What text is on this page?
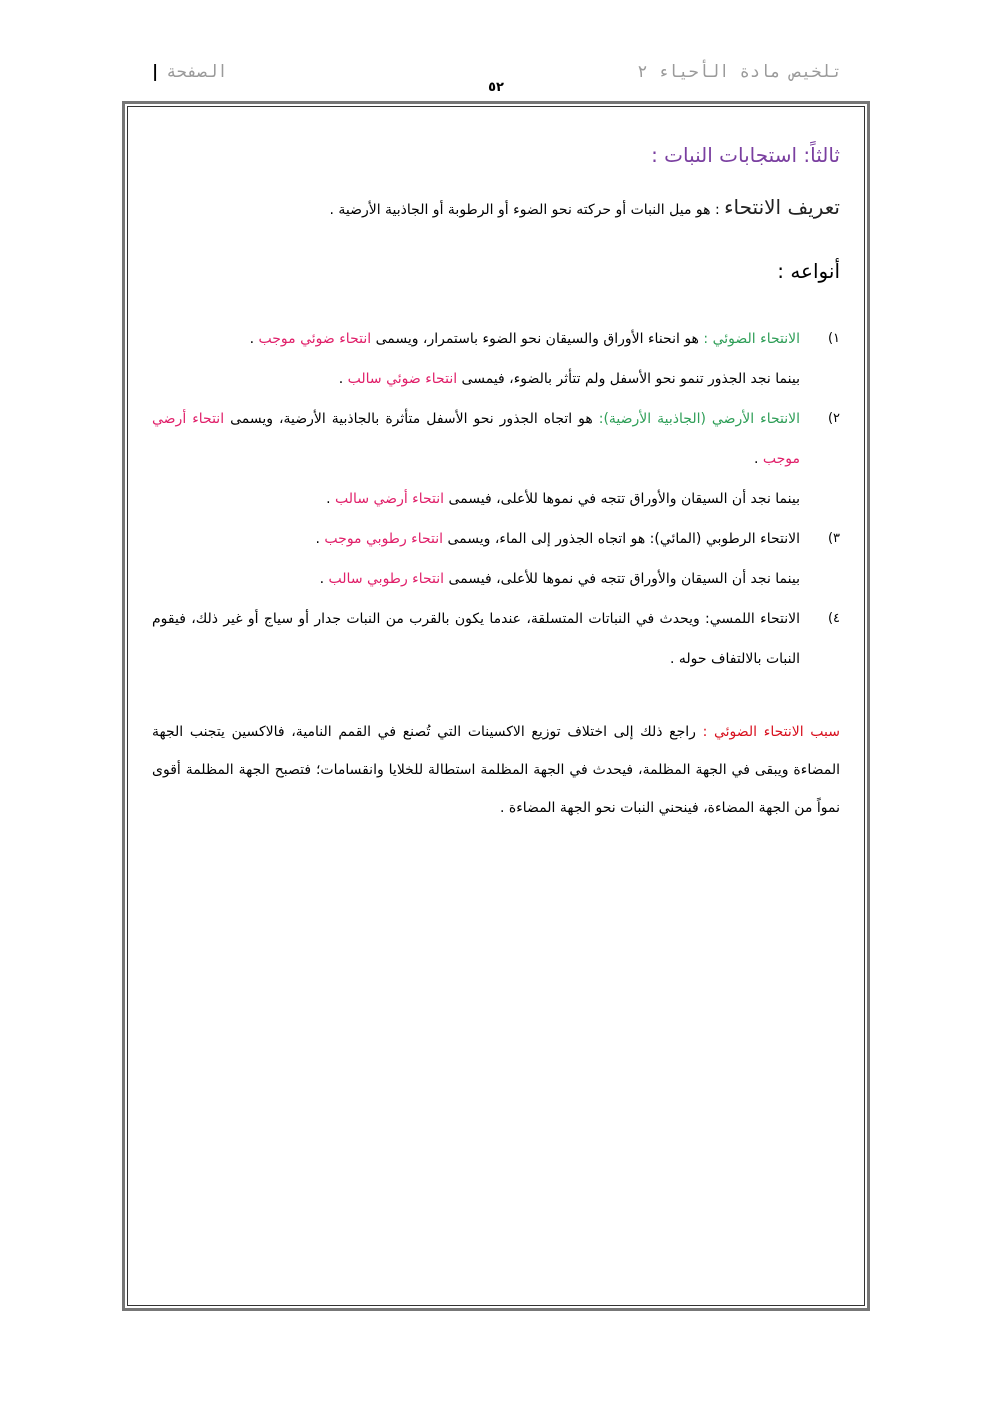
| الصفحة	تلخيص مادة الأحياء ٢
٥٢
ثالثاً: استجابات النبات :
تعريف الانتحاء : هو ميل النبات أو حركته نحو الضوء أو الرطوبة أو الجاذبية الأرضية .
أنواعه :
١)
الانتحاء الضوئي : هو انحناء الأوراق والسيقان نحو الضوء باستمرار، ويسمى انتحاء ضوئي موجب .
بينما نجد الجذور تنمو نحو الأسفل ولم تتأثر بالضوء، فيمسى انتحاء ضوئي سالب .
٢)
الانتحاء الأرضي (الجاذبية الأرضية): هو اتجاه الجذور نحو الأسفل متأثرة بالجاذبية الأرضية، ويسمى انتحاء أرضي موجب .
بينما نجد أن السيقان والأوراق تتجه في نموها للأعلى، فيسمى انتحاء أرضي سالب .
٣)
الانتحاء الرطوبي (المائي): هو اتجاه الجذور إلى الماء، ويسمى انتحاء رطوبي موجب .
بينما نجد أن السيقان والأوراق تتجه في نموها للأعلى، فيسمى انتحاء رطوبي سالب .
٤)
الانتحاء اللمسي: ويحدث في النباتات المتسلقة، عندما يكون بالقرب من النبات جدار أو سياج أو غير ذلك، فيقوم النبات بالالتفاف حوله .
سبب الانتحاء الضوئي : راجع ذلك إلى اختلاف توزيع الاكسينات التي تُصنع في القمم النامية، فالاكسين يتجنب الجهة المضاءة ويبقى في الجهة المظلمة، فيحدث في الجهة المظلمة استطالة للخلايا وانقسامات؛ فتصبح الجهة المظلمة أقوى نمواً من الجهة المضاءة، فينحني النبات نحو الجهة المضاءة .
